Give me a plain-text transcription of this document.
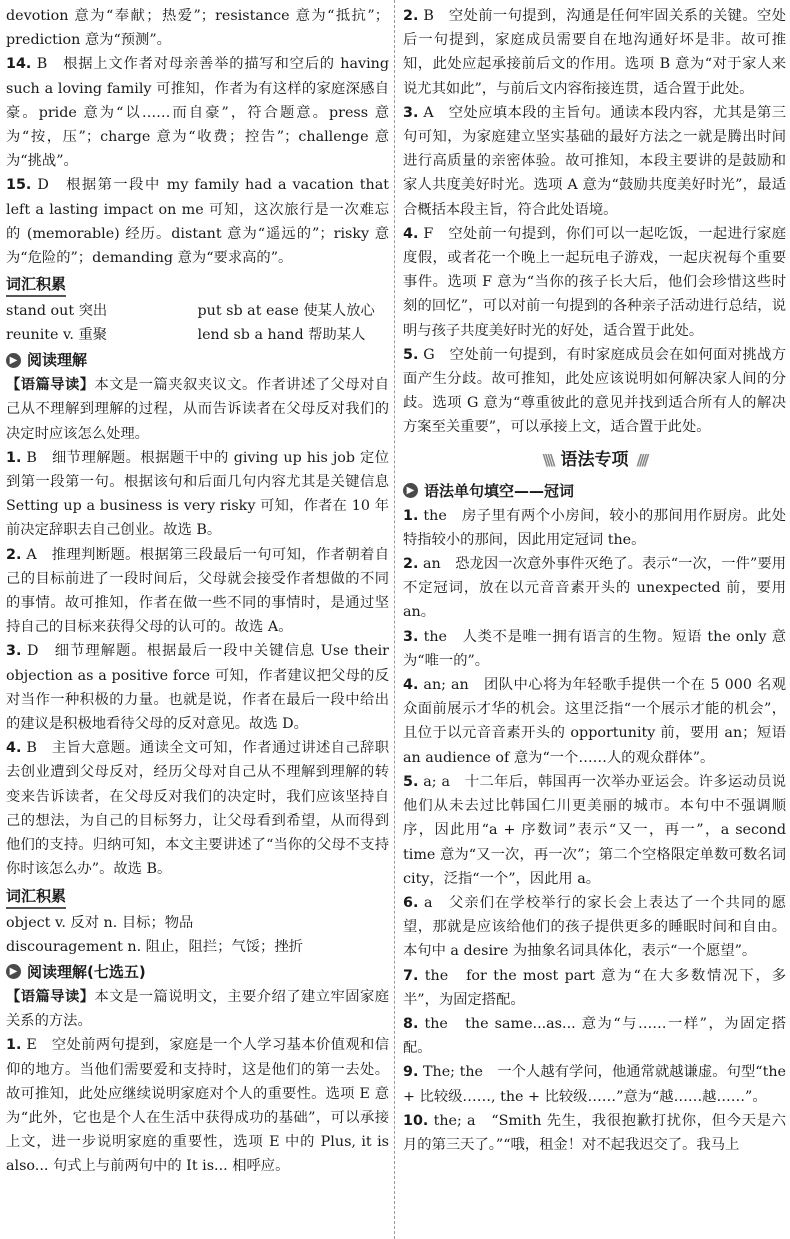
devotion 意为“奉献；热爱”；resistance 意为“抵抗”；prediction 意为“预测”。

14. B　根据上文作者对母亲善举的描写和空后的 having such a loving family 可推知，作者为有这样的家庭深感自豪。pride 意为“以……而自豪”，符合题意。press 意为“按，压”；charge 意为“收费；控告”；challenge 意为“挑战”。

15. D　根据第一段中 my family had a vacation that left a lasting impact on me 可知，这次旅行是一次难忘的 (memorable) 经历。distant 意为“遥远的”；risky 意为“危险的”；demanding 意为“要求高的”。

词汇积累
stand out 突出	put sb at ease 使某人放心
reunite v. 重聚	lend sb a hand 帮助某人
▶ 阅读理解

【语篇导读】本文是一篇夹叙夹议文。作者讲述了父母对自己从不理解到理解的过程，从而告诉读者在父母反对我们的决定时应该怎么处理。

1. B　细节理解题。根据题干中的 giving up his job 定位到第一段第一句。根据该句和后面几句内容尤其是关键信息 Setting up a business is very risky 可知，作者在 10 年前决定辞职去自己创业。故选 B。

2. A　推理判断题。根据第三段最后一句可知，作者朝着自己的目标前进了一段时间后，父母就会接受作者想做的不同的事情。故可推知，作者在做一些不同的事情时，是通过坚持自己的目标来获得父母的认可的。故选 A。

3. D　细节理解题。根据最后一段中关键信息 Use their objection as a positive force 可知，作者建议把父母的反对当作一种积极的力量。也就是说，作者在最后一段中给出的建议是积极地看待父母的反对意见。故选 D。

4. B　主旨大意题。通读全文可知，作者通过讲述自己辞职去创业遭到父母反对，经历父母对自己从不理解到理解的转变来告诉读者，在父母反对我们的决定时，我们应该坚持自己的想法，为自己的目标努力，让父母看到希望，从而得到他们的支持。归纳可知，本文主要讲述了“当你的父母不支持你时该怎么办”。故选 B。

词汇积累

object v. 反对 n. 目标；物品

discouragement n. 阻止，阻拦；气馁；挫折

▶ 阅读理解(七选五)

【语篇导读】本文是一篇说明文，主要介绍了建立牢固家庭关系的方法。

1. E　空处前两句提到，家庭是一个人学习基本价值观和信仰的地方。当他们需要爱和支持时，这是他们的第一去处。故可推知，此处应继续说明家庭对个人的重要性。选项 E 意为“此外，它也是个人在生活中获得成功的基础”，可以承接上文，进一步说明家庭的重要性，选项 E 中的 Plus, it is also... 句式上与前两句中的 It is... 相呼应。

2. B　空处前一句提到，沟通是任何牢固关系的关键。空处后一句提到，家庭成员需要自在地沟通好坏是非。故可推知，此处应起承接前后文的作用。选项 B 意为“对于家人来说尤其如此”，与前后文内容衔接连贯，适合置于此处。

3. A　空处应填本段的主旨句。通读本段内容，尤其是第三句可知，为家庭建立坚实基础的最好方法之一就是腾出时间进行高质量的亲密体验。故可推知，本段主要讲的是鼓励和家人共度美好时光。选项 A 意为“鼓励共度美好时光”，最适合概括本段主旨，符合此处语境。

4. F　空处前一句提到，你们可以一起吃饭，一起进行家庭度假，或者花一个晚上一起玩电子游戏，一起庆祝每个重要事件。选项 F 意为“当你的孩子长大后，他们会珍惜这些时刻的回忆”，可以对前一句提到的各种亲子活动进行总结，说明与孩子共度美好时光的好处，适合置于此处。

5. G　空处前一句提到，有时家庭成员会在如何面对挑战方面产生分歧。故可推知，此处应该说明如何解决家人间的分歧。选项 G 意为“尊重彼此的意见并找到适合所有人的解决方案至关重要”，可以承接上文，适合置于此处。

\\\\ 语法专项 ////
▶ 语法单句填空——冠词

1. the　房子里有两个小房间，较小的那间用作厨房。此处特指较小的那间，因此用定冠词 the。

2. an　恐龙因一次意外事件灭绝了。表示“一次，一件”要用不定冠词，放在以元音音素开头的 unexpected 前，要用 an。

3. the　人类不是唯一拥有语言的生物。短语 the only 意为“唯一的”。

4. an; an　团队中心将为年轻歌手提供一个在 5 000 名观众面前展示才华的机会。这里泛指“一个展示才能的机会”，且位于以元音音素开头的 opportunity 前，要用 an；短语 an audience of 意为“一个……人的观众群体”。

5. a; a　十二年后，韩国再一次举办亚运会。许多运动员说他们从未去过比韩国仁川更美丽的城市。本句中不强调顺序，因此用“a + 序数词”表示“又一，再一”，a second time 意为“又一次，再一次”；第二个空格限定单数可数名词 city，泛指“一个”，因此用 a。

6. a　父亲们在学校举行的家长会上表达了一个共同的愿望，那就是应该给他们的孩子提供更多的睡眠时间和自由。本句中 a desire 为抽象名词具体化，表示“一个愿望”。

7. the　for the most part 意为“在大多数情况下，多半”，为固定搭配。

8. the　the same...as... 意为“与……一样”，为固定搭配。

9. The; the　一个人越有学问，他通常就越谦虚。句型“the + 比较级……, the + 比较级……”意为“越……越……”。

10. the; a　“Smith 先生，我很抱歉打扰你，但今天是六月的第三天了。”“哦，租金！对不起我迟交了。我马上
